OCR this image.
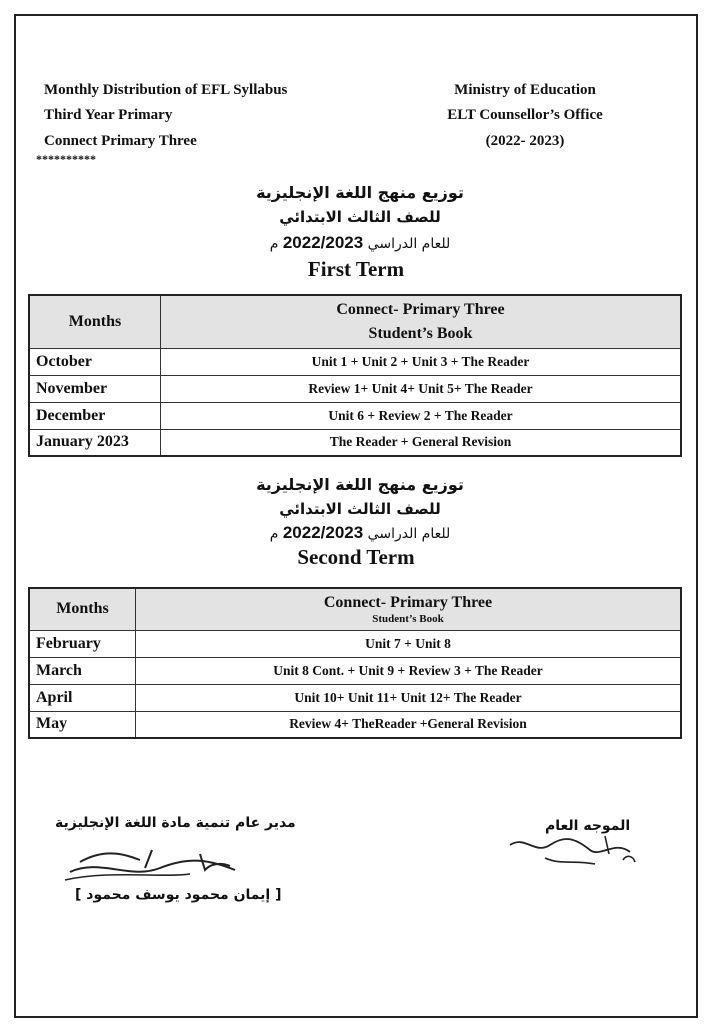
Monthly Distribution of EFL Syllabus
Third Year Primary
Connect Primary Three
Ministry of Education
ELT Counsellor’s Office
(2022- 2023)
**********
توزيع منهج اللغة الإنجليزية
للصف الثالث الابتدائي
للعام الدراسي 2022/2023 م
First Term
Months	Connect- Primary Three
Student’s Book

October	Unit 1 + Unit 2 + Unit 3 + The Reader
November	Review 1+ Unit 4+ Unit 5+ The Reader
December	Unit 6 + Review 2 + The Reader
January 2023	The Reader + General Revision
توزيع منهج اللغة الإنجليزية
للصف الثالث الابتدائي
للعام الدراسي 2022/2023 م
Second Term
Months	Connect- Primary Three
Student’s Book

February	Unit 7 + Unit 8
March	Unit 8 Cont. + Unit 9 + Review 3 + The Reader
April	Unit 10+ Unit 11+ Unit 12+ The Reader
May	Review 4+ TheReader +General Revision
مدير عام تنمية مادة اللغة الإنجليزية
[ إيمان محمود يوسف محمود ]
الموجه العام
